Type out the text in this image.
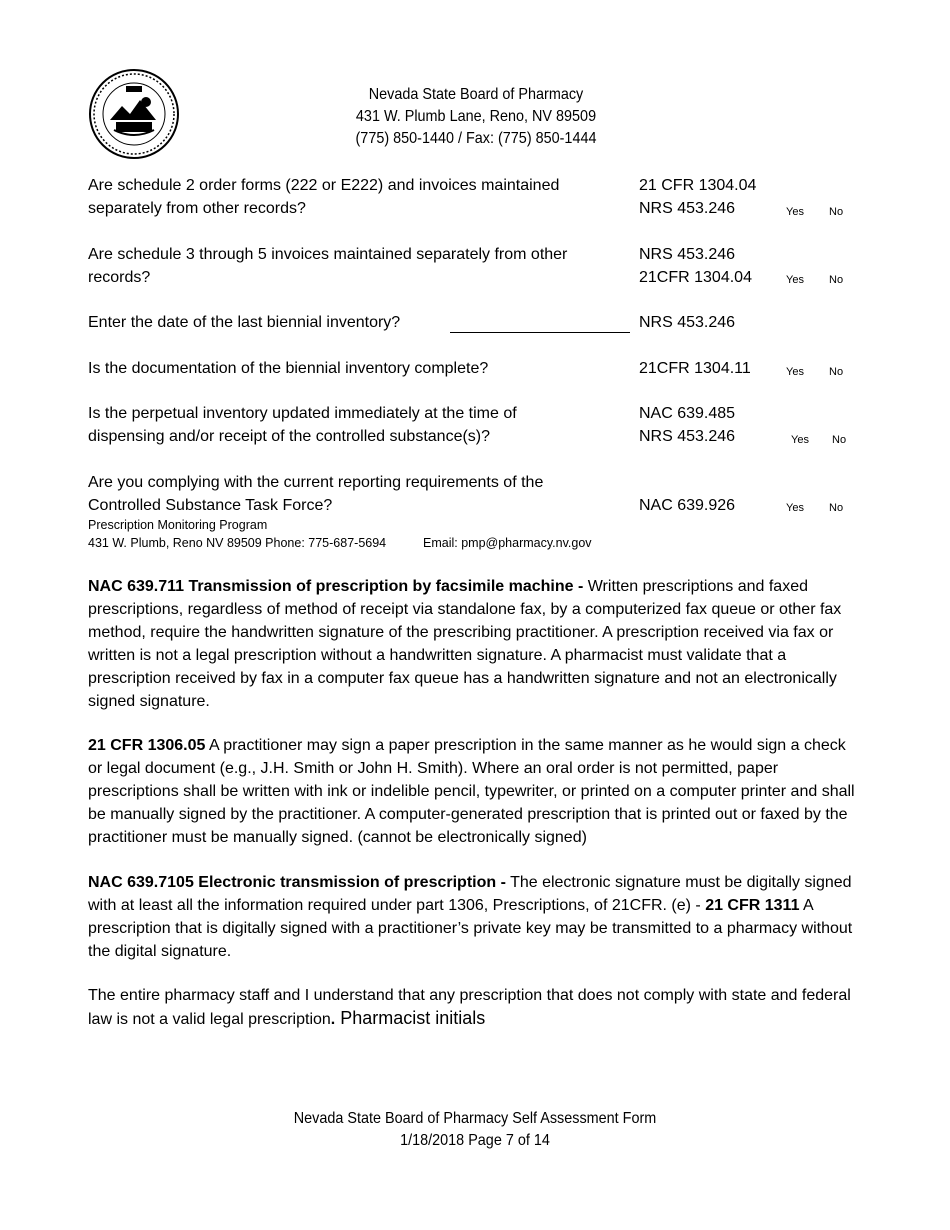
Nevada State Board of Pharmacy
431 W. Plumb Lane, Reno, NV 89509
(775) 850-1440 / Fax: (775) 850-1444
Are schedule 2 order forms (222 or E222) and invoices maintained
separately from other records?
21 CFR 1304.04
NRS 453.246	Yes No
Are schedule 3 through 5 invoices maintained separately from other
records?
NRS 453.246
21CFR 1304.04	Yes No
Enter the date of the last biennial inventory?	NRS 453.246
Is the documentation of the biennial inventory complete?	21CFR 1304.11	Yes No
Is the perpetual inventory updated immediately at the time of
dispensing and/or receipt of the controlled substance(s)?
NAC 639.485
NRS 453.246	Yes No
Are you complying with the current reporting requirements of the
Controlled Substance Task Force?	NAC 639.926	Yes No
Prescription Monitoring Program
431 W. Plumb, Reno NV 89509 Phone: 775-687-5694	Email: pmp@pharmacy.nv.gov
NAC 639.711 Transmission of prescription by facsimile machine - Written prescriptions and faxed prescriptions, regardless of method of receipt via standalone fax, by a computerized fax queue or other fax method, require the handwritten signature of the prescribing practitioner. A prescription received via fax or written is not a legal prescription without a handwritten signature. A pharmacist must validate that a prescription received by fax in a computer fax queue has a handwritten signature and not an electronically signed signature.
21 CFR 1306.05 A practitioner may sign a paper prescription in the same manner as he would sign a check or legal document (e.g., J.H. Smith or John H. Smith). Where an oral order is not permitted, paper prescriptions shall be written with ink or indelible pencil, typewriter, or printed on a computer printer and shall be manually signed by the practitioner. A computer-generated prescription that is printed out or faxed by the practitioner must be manually signed. (cannot be electronically signed)
NAC 639.7105 Electronic transmission of prescription - The electronic signature must be digitally signed with at least all the information required under part 1306, Prescriptions, of 21CFR. (e) - 21 CFR 1311 A prescription that is digitally signed with a practitioner’s private key may be transmitted to a pharmacy without the digital signature.
The entire pharmacy staff and I understand that any prescription that does not comply with state and federal law is not a valid legal prescription. Pharmacist initials
Nevada State Board of Pharmacy Self Assessment Form
1/18/2018 Page 7 of 14
